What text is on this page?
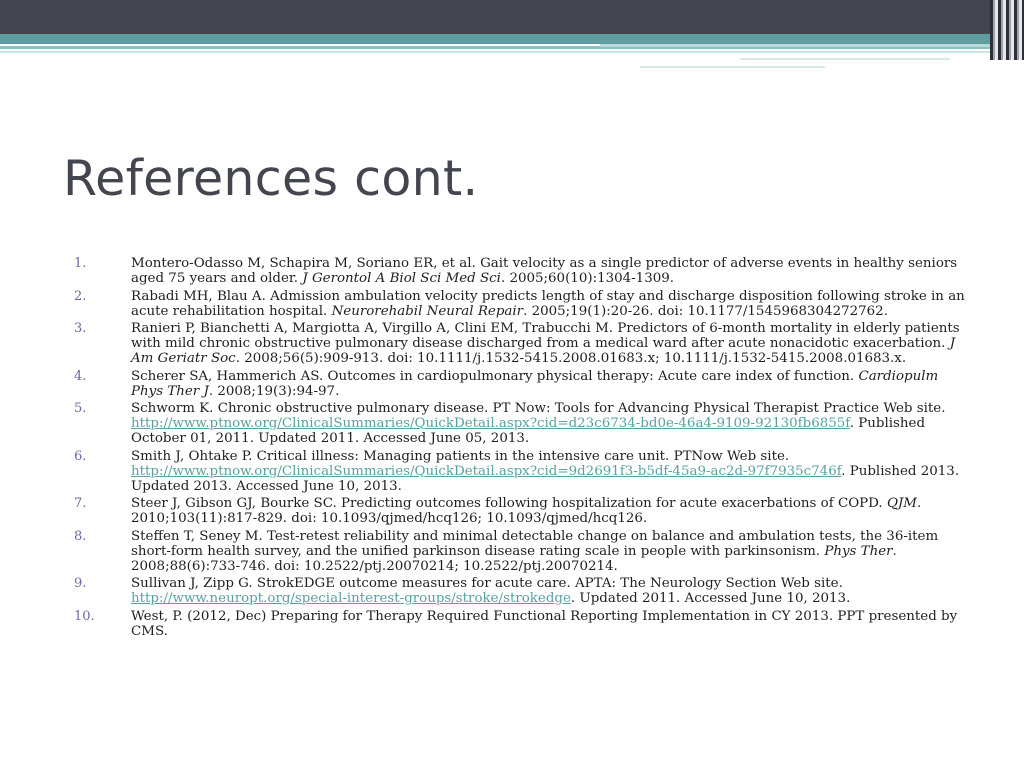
References cont.
1.	Montero-Odasso M, Schapira M, Soriano ER, et al. Gait velocity as a single predictor of adverse events in healthy seniors aged 75 years and older. J Gerontol A Biol Sci Med Sci. 2005;60(10):1304-1309.
2.	Rabadi MH, Blau A. Admission ambulation velocity predicts length of stay and discharge disposition following stroke in an acute rehabilitation hospital. Neurorehabil Neural Repair. 2005;19(1):20-26. doi: 10.1177/1545968304272762.
3.	Ranieri P, Bianchetti A, Margiotta A, Virgillo A, Clini EM, Trabucchi M. Predictors of 6-month mortality in elderly patients with mild chronic obstructive pulmonary disease discharged from a medical ward after acute nonacidotic exacerbation. J Am Geriatr Soc. 2008;56(5):909-913. doi: 10.1111/j.1532-5415.2008.01683.x; 10.1111/j.1532-5415.2008.01683.x.
4.	Scherer SA, Hammerich AS. Outcomes in cardiopulmonary physical therapy: Acute care index of function. Cardiopulm Phys Ther J. 2008;19(3):94-97.
5.	Schworm K. Chronic obstructive pulmonary disease. PT Now: Tools for Advancing Physical Therapist Practice Web site. http://www.ptnow.org/ClinicalSummaries/QuickDetail.aspx?cid=d23c6734-bd0e-46a4-9109-92130fb6855f. Published October 01, 2011. Updated 2011. Accessed June 05, 2013.
6.	Smith J, Ohtake P. Critical illness: Managing patients in the intensive care unit. PTNow Web site. http://www.ptnow.org/ClinicalSummaries/QuickDetail.aspx?cid=9d2691f3-b5df-45a9-ac2d-97f7935c746f. Published 2013. Updated 2013. Accessed June 10, 2013.
7.	Steer J, Gibson GJ, Bourke SC. Predicting outcomes following hospitalization for acute exacerbations of COPD. QJM. 2010;103(11):817-829. doi: 10.1093/qjmed/hcq126; 10.1093/qjmed/hcq126.
8.	Steffen T, Seney M. Test-retest reliability and minimal detectable change on balance and ambulation tests, the 36-item short-form health survey, and the unified parkinson disease rating scale in people with parkinsonism. Phys Ther. 2008;88(6):733-746. doi: 10.2522/ptj.20070214; 10.2522/ptj.20070214.
9.	Sullivan J, Zipp G. StrokEDGE outcome measures for acute care. APTA: The Neurology Section Web site. http://www.neuropt.org/special-interest-groups/stroke/strokedge. Updated 2011. Accessed June 10, 2013.
10.	West, P. (2012, Dec) Preparing for Therapy Required Functional Reporting Implementation in CY 2013. PPT presented by CMS.
